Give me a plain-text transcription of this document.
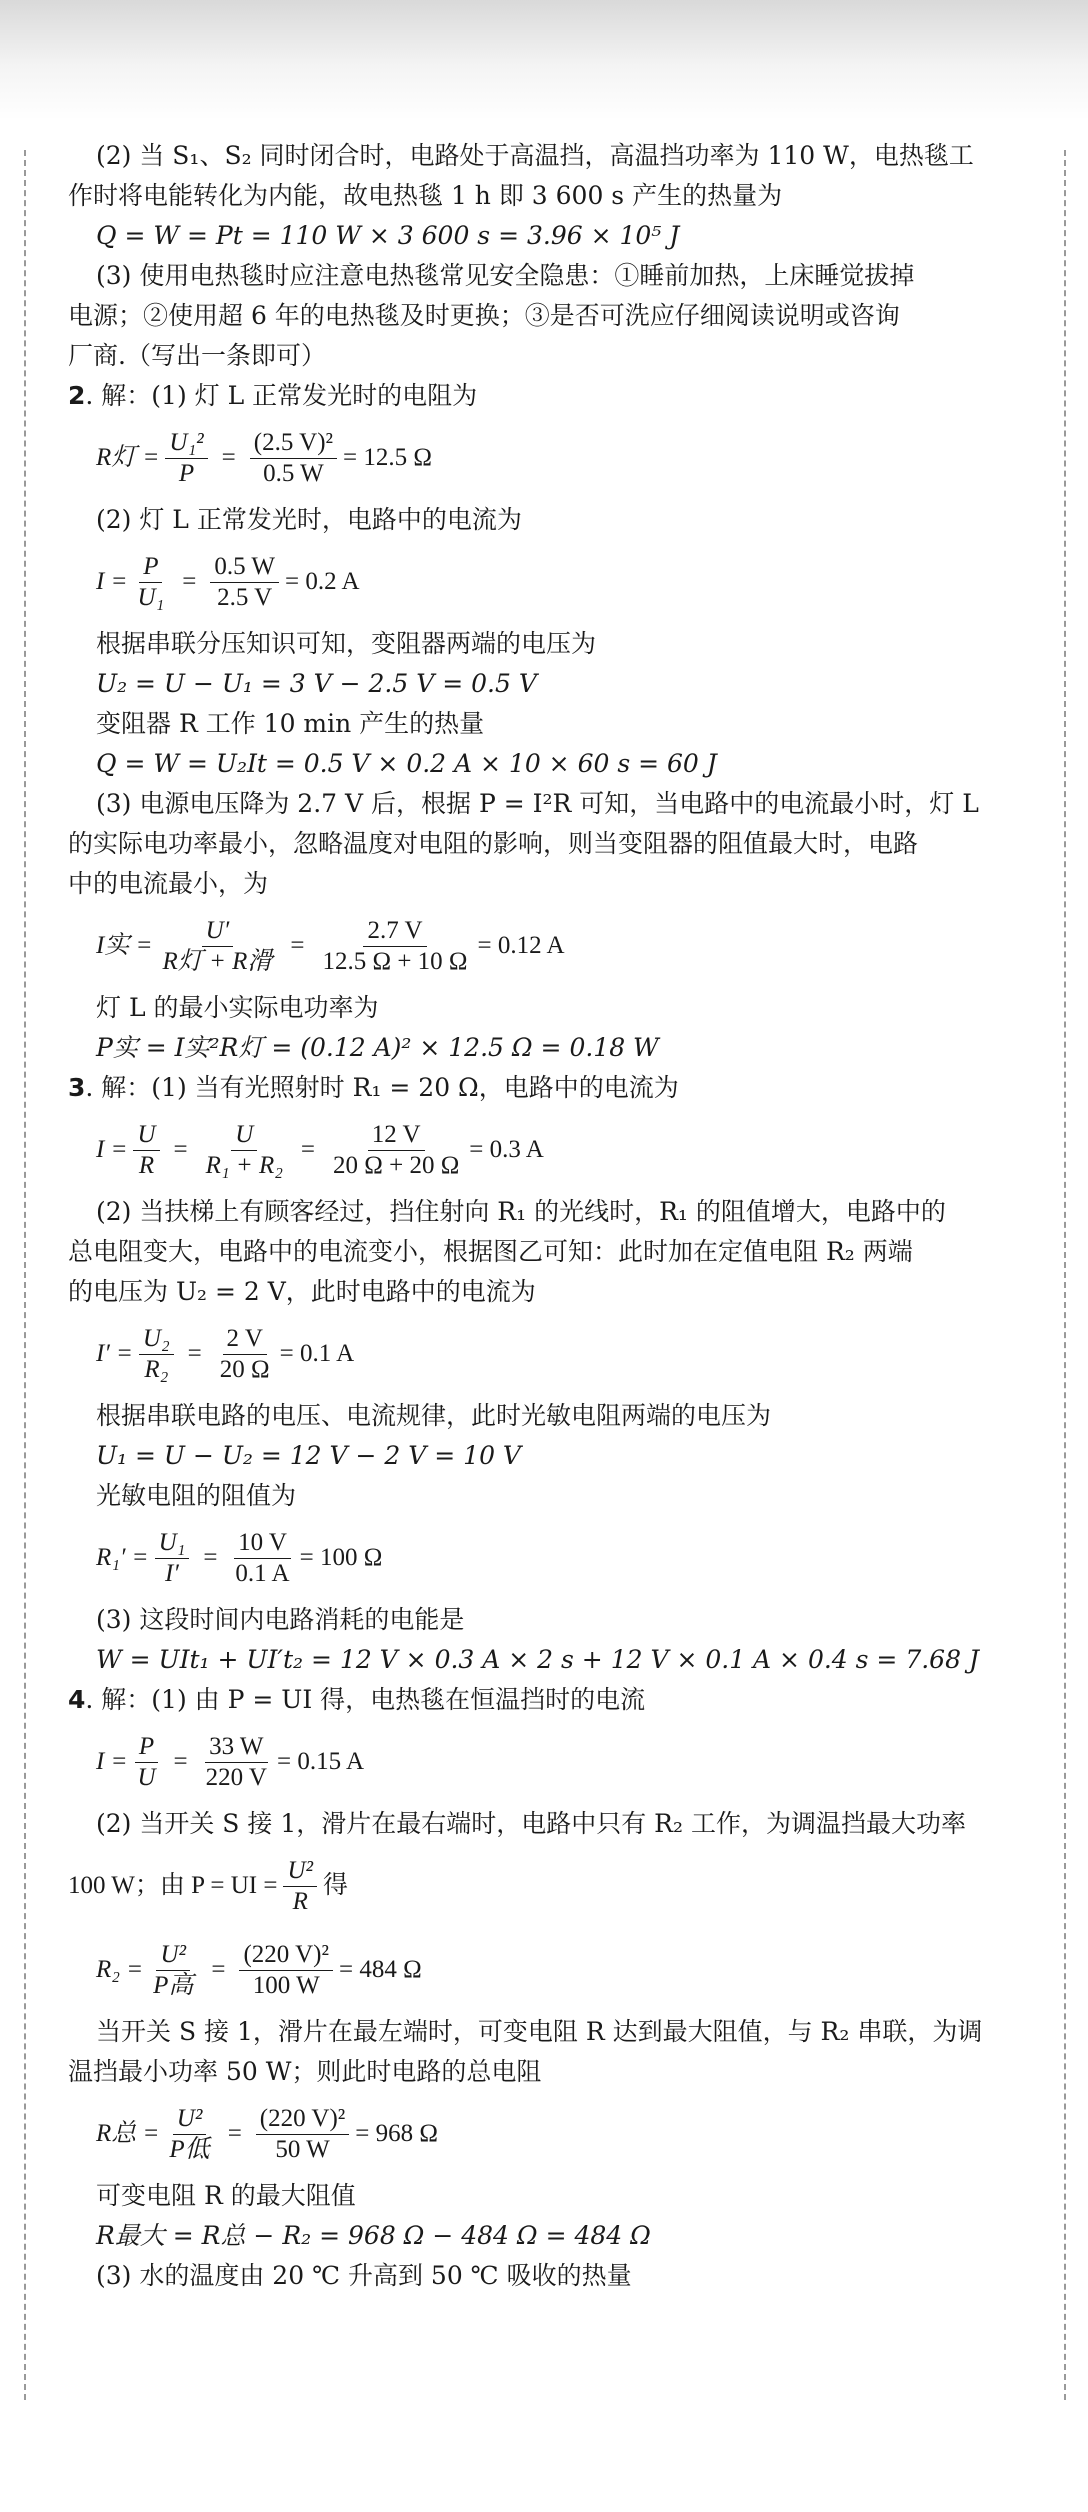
(2) 当 S₁、S₂ 同时闭合时，电路处于高温挡，高温挡功率为 110 W，电热毯工

作时将电能转化为内能，故电热毯 1 h 即 3 600 s 产生的热量为

Q = W = Pt = 110 W × 3 600 s = 3.96 × 10⁵ J

(3) 使用电热毯时应注意电热毯常见安全隐患：①睡前加热，上床睡觉拔掉

电源；②使用超 6 年的电热毯及时更换；③是否可洗应仔细阅读说明或咨询

厂商.（写出一条即可）

2. 解：(1) 灯 L 正常发光时的电阻为

R灯 = $\frac{\text{U₁²}}{P} = \frac{\text{(2.5 V)²}}{0.5 W} = 12.5$ Ω

(2) 灯 L 正常发光时，电路中的电流为

$I = \frac{P}{\text{U₁}} = \frac{0.5 W}{2.5 V} = 0.2$ A

根据串联分压知识可知，变阻器两端的电压为

U₂ = U − U₁ = 3 V − 2.5 V = 0.5 V

变阻器 R 工作 10 min 产生的热量

Q = W = U₂It = 0.5 V × 0.2 A × 10 × 60 s = 60 J

(3) 电源电压降为 2.7 V 后，根据 P = I²R 可知，当电路中的电流最小时，灯 L

的实际电功率最小，忽略温度对电阻的影响，则当变阻器的阻值最大时，电路

中的电流最小，为

I实 = $\frac{U'}{\text{R灯 + R滑}} = \frac{2.7 V}{12.5 \Omega + 10 \Omega} = 0.12$ A

灯 L 的最小实际电功率为

P实 = I实²R灯 = (0.12 A)² × 12.5 Ω = 0.18 W

3. 解：(1) 当有光照射时 R₁ = 20 Ω，电路中的电流为

$I = \frac{U}{R} = \frac{U}{\text{R₁ + R₂}} = \frac{12 V}{20 \Omega + 20 \Omega} = 0.3$ A

(2) 当扶梯上有顾客经过，挡住射向 R₁ 的光线时，R₁ 的阻值增大，电路中的

总电阻变大，电路中的电流变小，根据图乙可知：此时加在定值电阻 R₂ 两端

的电压为 U₂ = 2 V，此时电路中的电流为

$I' = \frac{\text{U₂}}{\text{R₂}} = \frac{2 V}{20 \Omega} = 0.1$ A

根据串联电路的电压、电流规律，此时光敏电阻两端的电压为

U₁ = U − U₂ = 12 V − 2 V = 10 V

光敏电阻的阻值为

$R_1' = \frac{\text{U₁}}{I'} = \frac{10 V}{0.1 A} = 100$ Ω

(3) 这段时间内电路消耗的电能是

W = UIt₁ + UI′t₂ = 12 V × 0.3 A × 2 s + 12 V × 0.1 A × 0.4 s = 7.68 J

4. 解：(1) 由 P = UI 得，电热毯在恒温挡时的电流

$I = \frac{P}{U} = \frac{33 W}{220 V} = 0.15$ A

(2) 当开关 S 接 1，滑片在最右端时，电路中只有 R₂ 工作，为调温挡最大功率

100 W；由 P = UI = $\frac{\text{U²}}{R}$ 得
$R_2 = \frac{\text{U²}}{\text{P高}} = \frac{\text{(220 V)²}}{100 W} = 484$ Ω

当开关 S 接 1，滑片在最左端时，可变电阻 R 达到最大阻值，与 R₂ 串联，为调

温挡最小功率 50 W；则此时电路的总电阻

R总 = $\frac{\text{U²}}{\text{P低}} = \frac{\text{(220 V)²}}{50 W} = 968$ Ω

可变电阻 R 的最大阻值

R最大 = R总 − R₂ = 968 Ω − 484 Ω = 484 Ω

(3) 水的温度由 20 ℃ 升高到 50 ℃ 吸收的热量
